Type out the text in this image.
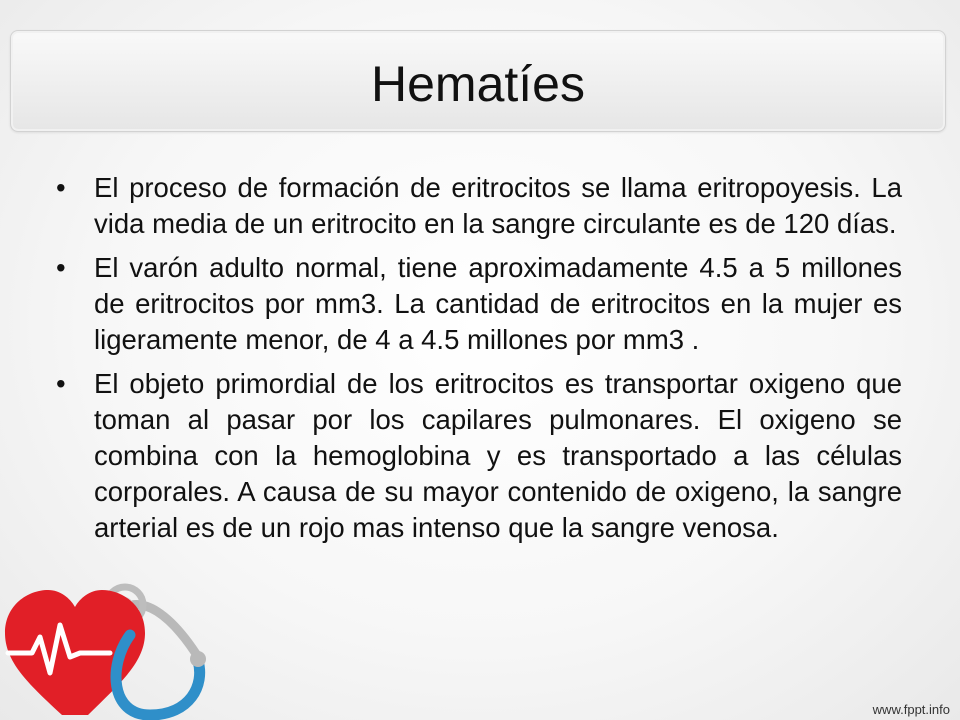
Hematíes
•	El proceso de formación de eritrocitos se llama eritropoyesis. La vida media de un eritrocito en la sangre circulante es de 120 días.
•	El varón adulto normal, tiene aproximadamente 4.5 a 5 millones de eritrocitos por mm3. La cantidad de eritrocitos en la mujer es ligeramente menor, de 4 a 4.5 millones por mm3 .
•	El objeto primordial de los eritrocitos es transportar oxigeno que toman al pasar por los capilares pulmonares. El oxigeno se combina con la hemoglobina y es transportado a las células corporales. A causa de su mayor contenido de oxigeno, la sangre arterial es de un rojo mas intenso que la sangre venosa.
www.fppt.info
